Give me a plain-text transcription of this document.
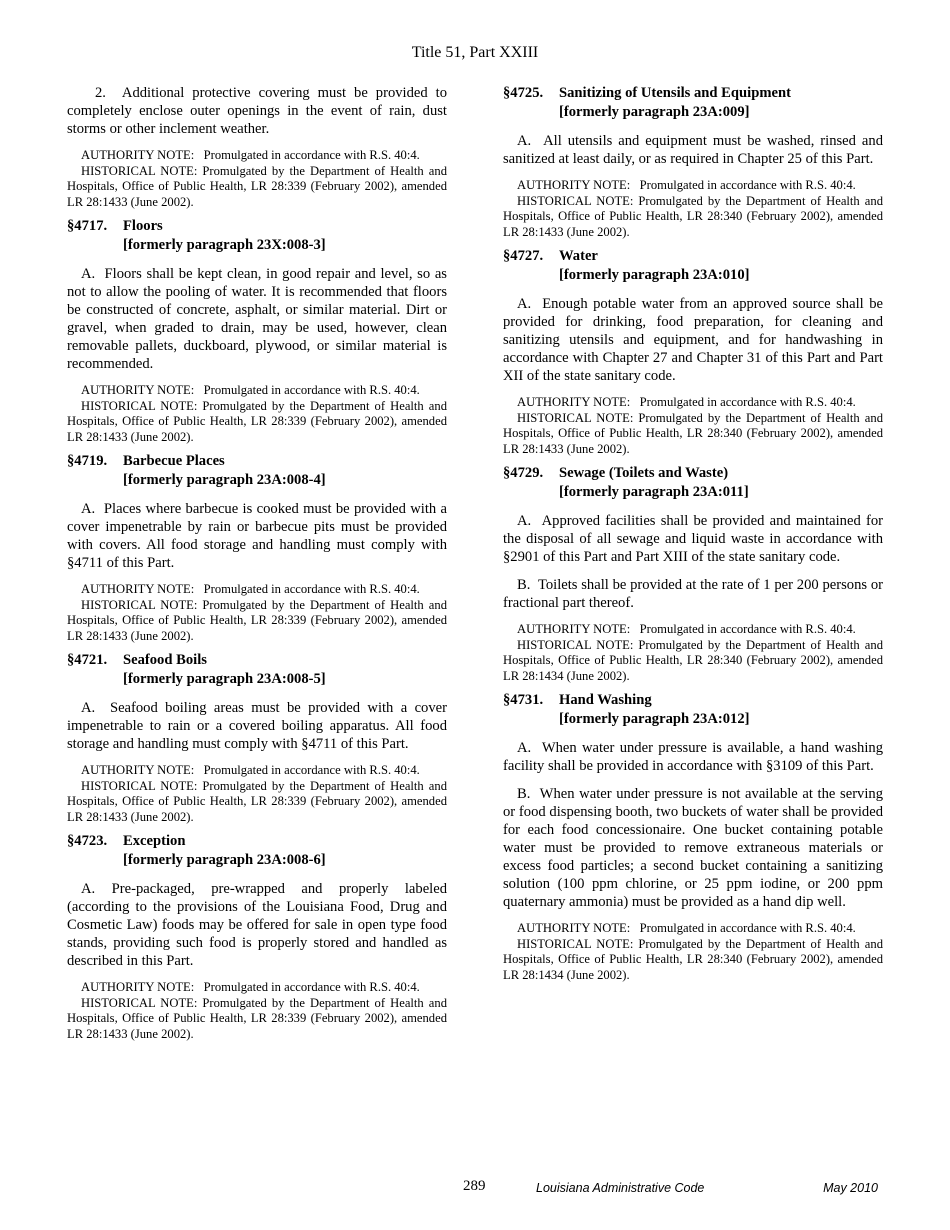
Title 51, Part XXIII

2.  Additional protective covering must be provided to completely enclose outer openings in the event of rain, dust storms or other inclement weather.

AUTHORITY NOTE:   Promulgated in accordance with R.S. 40:4.

HISTORICAL NOTE: Promulgated by the Department of Health and Hospitals, Office of Public Health, LR 28:339 (February 2002), amended LR 28:1433 (June 2002).

§4717.	Floors
[formerly paragraph 23X:008-3]

A.  Floors shall be kept clean, in good repair and level, so as not to allow the pooling of water. It is recommended that floors be constructed of concrete, asphalt, or similar material. Dirt or gravel, when graded to drain, may be used, however, clean removable pallets, duckboard, plywood, or similar material is recommended.

AUTHORITY NOTE:   Promulgated in accordance with R.S. 40:4.

HISTORICAL NOTE: Promulgated by the Department of Health and Hospitals, Office of Public Health, LR 28:339 (February 2002), amended LR 28:1433 (June 2002).

§4719.	Barbecue Places
[formerly paragraph 23A:008-4]

A.  Places where barbecue is cooked must be provided with a cover impenetrable by rain or barbecue pits must be provided with covers. All food storage and handling must comply with §4711 of this Part.

AUTHORITY NOTE:   Promulgated in accordance with R.S. 40:4.

HISTORICAL NOTE: Promulgated by the Department of Health and Hospitals, Office of Public Health, LR 28:339 (February 2002), amended LR 28:1433 (June 2002).

§4721.	Seafood Boils
[formerly paragraph 23A:008-5]

A.  Seafood boiling areas must be provided with a cover impenetrable to rain or a covered boiling apparatus. All food storage and handling must comply with §4711 of this Part.

AUTHORITY NOTE:   Promulgated in accordance with R.S. 40:4.

HISTORICAL NOTE: Promulgated by the Department of Health and Hospitals, Office of Public Health, LR 28:339 (February 2002), amended LR 28:1433 (June 2002).

§4723.	Exception
[formerly paragraph 23A:008-6]

A. Pre-packaged, pre-wrapped and properly labeled (according to the provisions of the Louisiana Food, Drug and Cosmetic Law) foods may be offered for sale in open type food stands, providing such food is properly stored and handled as described in this Part.

AUTHORITY NOTE:   Promulgated in accordance with R.S. 40:4.

HISTORICAL NOTE: Promulgated by the Department of Health and Hospitals, Office of Public Health, LR 28:339 (February 2002), amended LR 28:1433 (June 2002).

§4725.	Sanitizing of Utensils and Equipment
[formerly paragraph 23A:009]

A.  All utensils and equipment must be washed, rinsed and sanitized at least daily, or as required in Chapter 25 of this Part.

AUTHORITY NOTE:   Promulgated in accordance with R.S. 40:4.

HISTORICAL NOTE: Promulgated by the Department of Health and Hospitals, Office of Public Health, LR 28:340 (February 2002), amended LR 28:1433 (June 2002).

§4727.	Water
[formerly paragraph 23A:010]

A.  Enough potable water from an approved source shall be provided for drinking, food preparation, for cleaning and sanitizing utensils and equipment, and for handwashing in accordance with Chapter 27 and Chapter 31 of this Part and Part XII of the state sanitary code.

AUTHORITY NOTE:   Promulgated in accordance with R.S. 40:4.

HISTORICAL NOTE: Promulgated by the Department of Health and Hospitals, Office of Public Health, LR 28:340 (February 2002), amended LR 28:1433 (June 2002).

§4729.	Sewage (Toilets and Waste)
[formerly paragraph 23A:011]

A.  Approved facilities shall be provided and maintained for the disposal of all sewage and liquid waste in accordance with §2901 of this Part and Part XIII of the state sanitary code.

B.  Toilets shall be provided at the rate of 1 per 200 persons or fractional part thereof.

AUTHORITY NOTE:   Promulgated in accordance with R.S. 40:4.

HISTORICAL NOTE: Promulgated by the Department of Health and Hospitals, Office of Public Health, LR 28:340 (February 2002), amended LR 28:1434 (June 2002).

§4731.	Hand Washing
[formerly paragraph 23A:012]

A.  When water under pressure is available, a hand washing facility shall be provided in accordance with §3109 of this Part.

B.  When water under pressure is not available at the serving or food dispensing booth, two buckets of water shall be provided for each food concessionaire. One bucket containing potable water must be provided to remove extraneous materials or excess food particles; a second bucket containing a sanitizing solution (100 ppm chlorine, or 25 ppm iodine, or 200 ppm quaternary ammonia) must be provided as a hand dip well.

AUTHORITY NOTE:   Promulgated in accordance with R.S. 40:4.

HISTORICAL NOTE: Promulgated by the Department of Health and Hospitals, Office of Public Health, LR 28:340 (February 2002), amended LR 28:1434 (June 2002).

289	Louisiana Administrative Code	May 2010
